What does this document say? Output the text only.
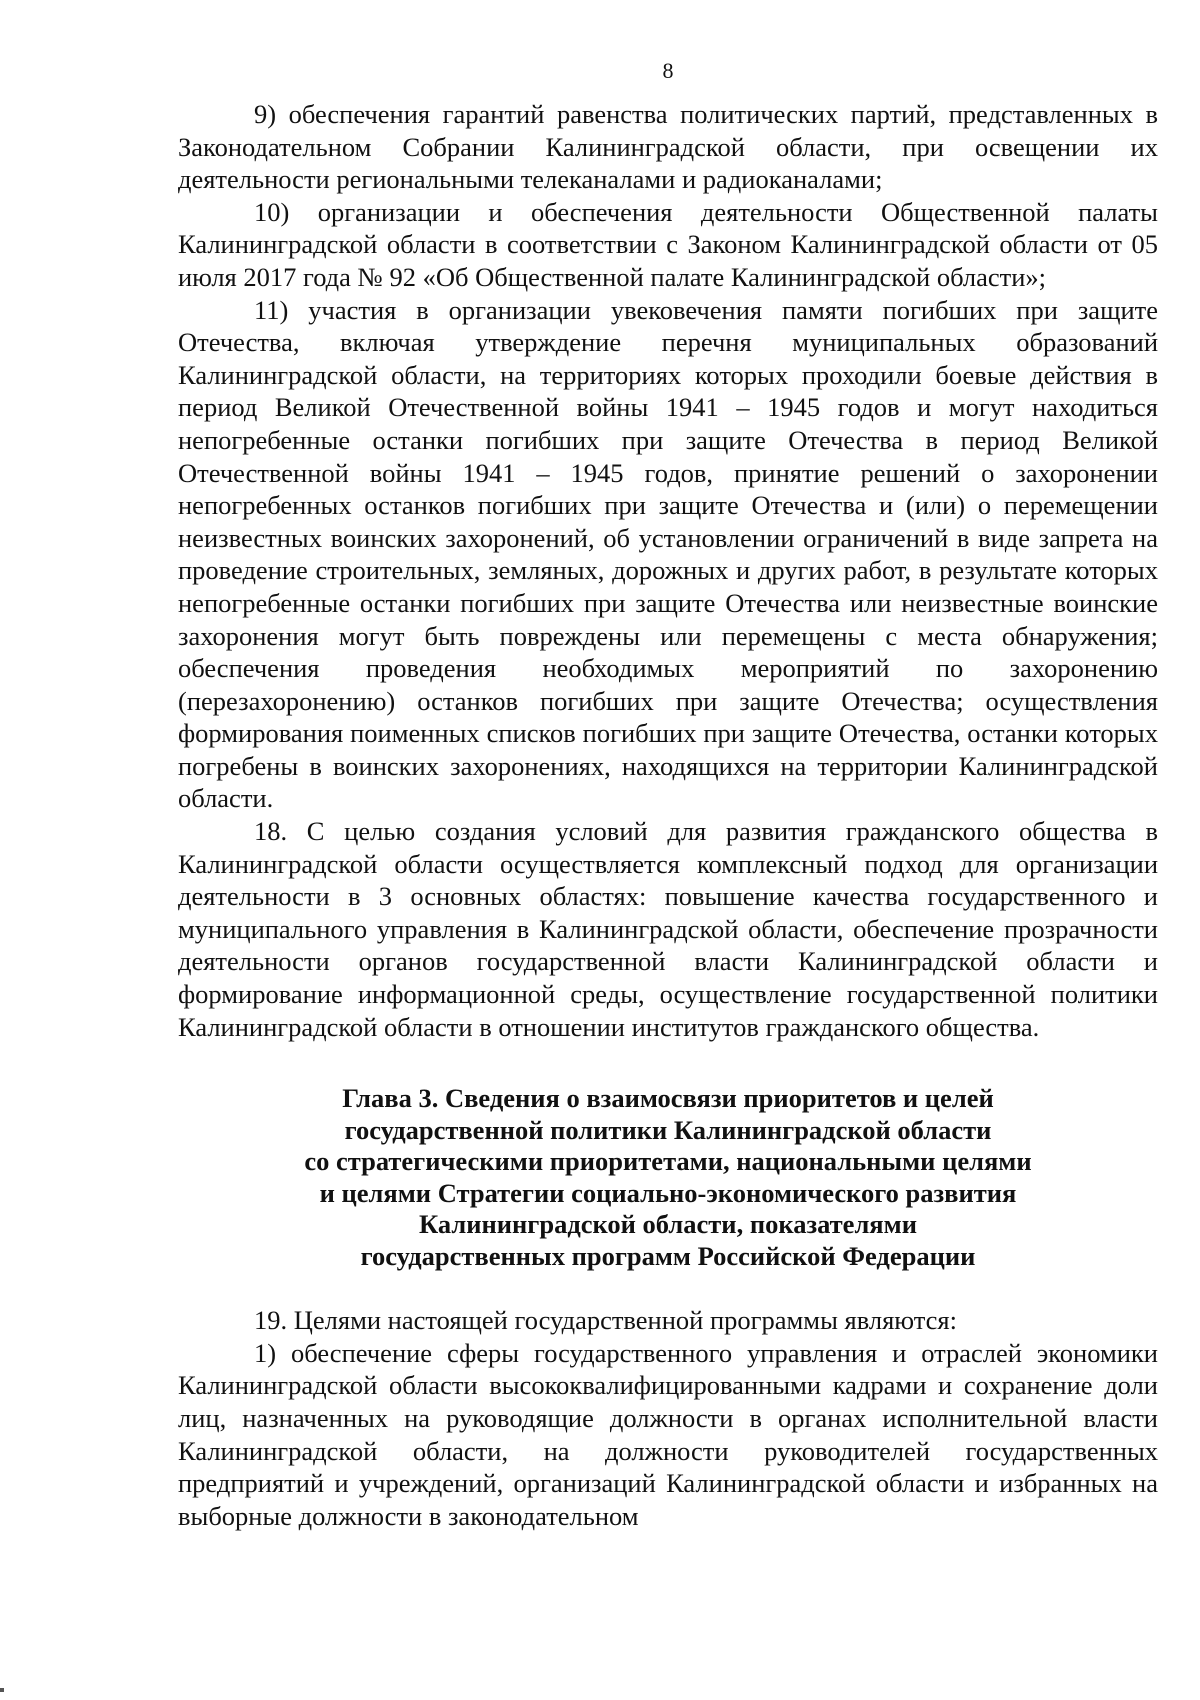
8

9) обеспечения гарантий равенства политических партий, представленных в Законодательном Собрании Калининградской области, при освещении их деятельности региональными телеканалами и радиоканалами;

10) организации и обеспечения деятельности Общественной палаты Калининградской области в соответствии с Законом Калининградской области от 05 июля 2017 года № 92 «Об Общественной палате Калининградской области»;

11) участия в организации увековечения памяти погибших при защите Отечества, включая утверждение перечня муниципальных образований Калининградской области, на территориях которых проходили боевые действия в период Великой Отечественной войны 1941 – 1945 годов и могут находиться непогребенные останки погибших при защите Отечества в период Великой Отечественной войны 1941 – 1945 годов, принятие решений о захоронении непогребенных останков погибших при защите Отечества и (или) о перемещении неизвестных воинских захоронений, об установлении ограничений в виде запрета на проведение строительных, земляных, дорожных и других работ, в результате которых непогребенные останки погибших при защите Отечества или неизвестные воинские захоронения могут быть повреждены или перемещены с места обнаружения; обеспечения проведения необходимых мероприятий по захоронению (перезахоронению) останков погибших при защите Отечества; осуществления формирования поименных списков погибших при защите Отечества, останки которых погребены в воинских захоронениях, находящихся на территории Калининградской области.

18. С целью создания условий для развития гражданского общества в Калининградской области осуществляется комплексный подход для организации деятельности в 3 основных областях: повышение качества государственного и муниципального управления в Калининградской области, обеспечение прозрачности деятельности органов государственной власти Калининградской области и формирование информационной среды, осуществление государственной политики Калининградской области в отношении институтов гражданского общества.

Глава 3. Сведения о взаимосвязи приоритетов и целей
государственной политики Калининградской области
со стратегическими приоритетами, национальными целями
и целями Стратегии социально-экономического развития
Калининградской области, показателями
государственных программ Российской Федерации

19. Целями настоящей государственной программы являются:

1) обеспечение сферы государственного управления и отраслей экономики Калининградской области высококвалифицированными кадрами и сохранение доли лиц, назначенных на руководящие должности в органах исполнительной власти Калининградской области, на должности руководителей государственных предприятий и учреждений, организаций Калининградской области и избранных на выборные должности в законодательном
